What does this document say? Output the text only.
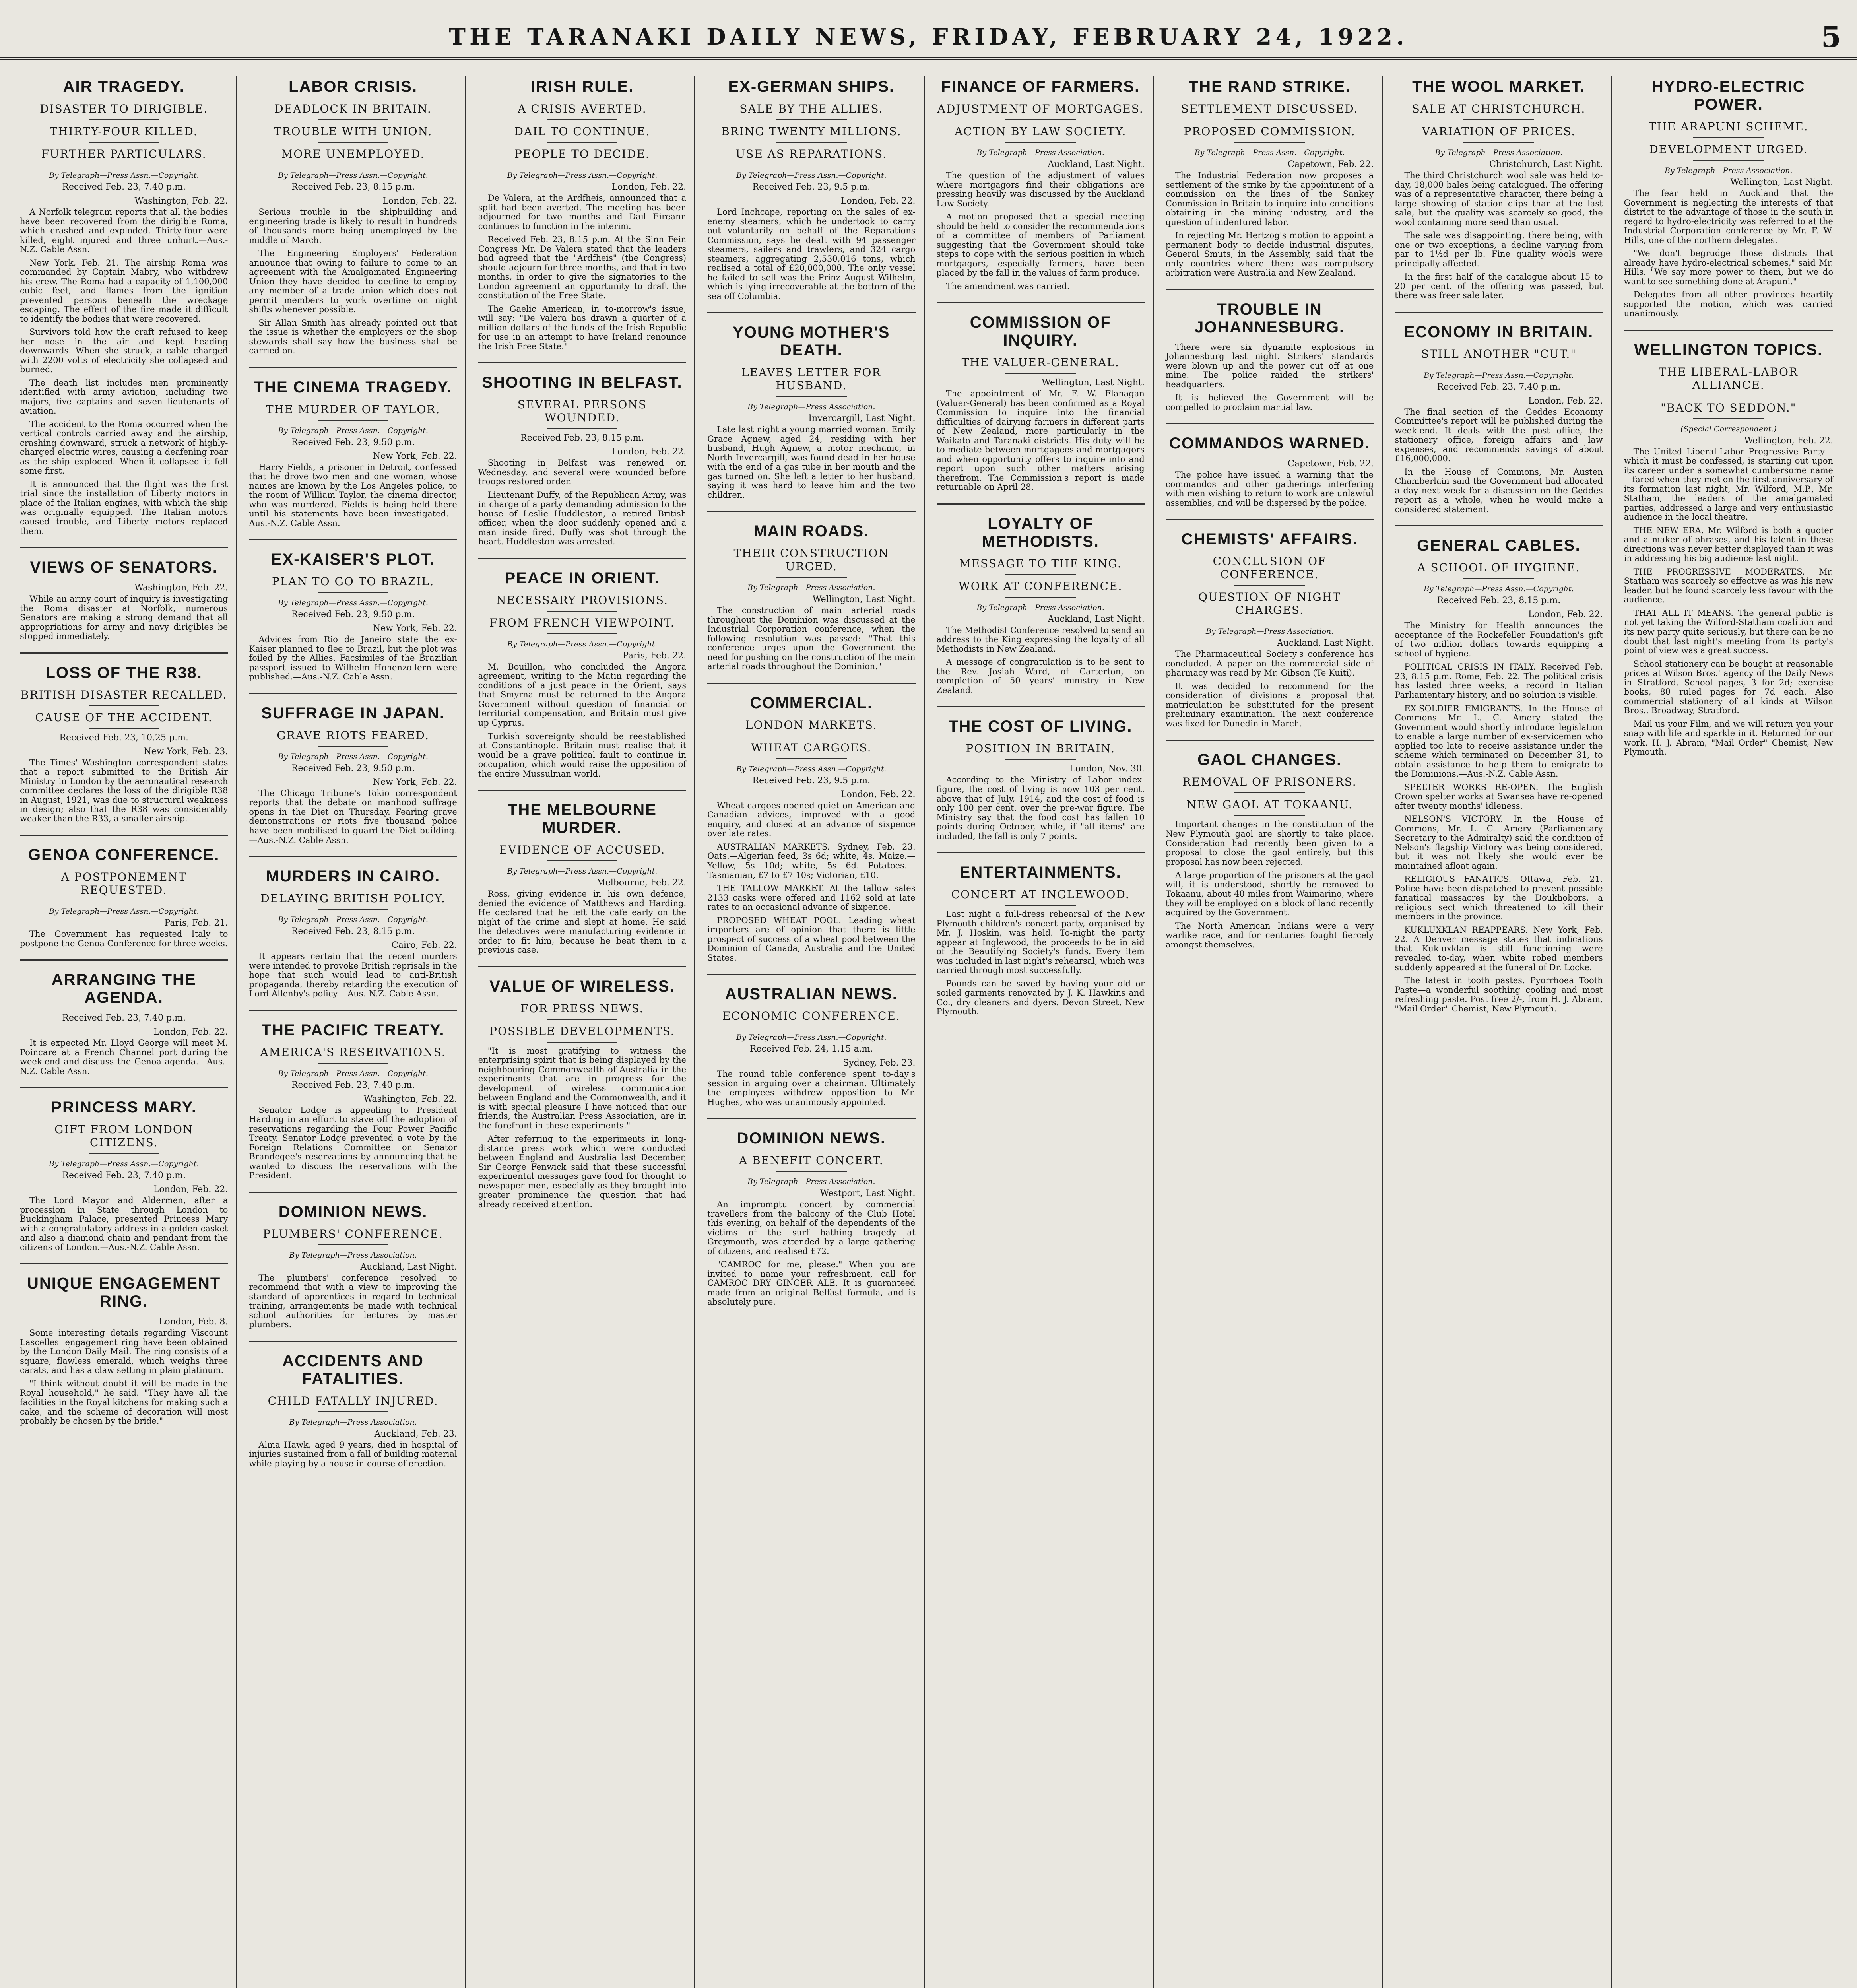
THE TARANAKI DAILY NEWS, FRIDAY, FEBRUARY 24, 1922.	5
AIR TRAGEDY.
DISASTER TO DIRIGIBLE.
THIRTY-FOUR KILLED.
FURTHER PARTICULARS.
By Telegraph—Press Assn.—Copyright.
Received Feb. 23, 7.40 p.m.
Washington, Feb. 22.

A Norfolk telegram reports that all the bodies have been recovered from the dirigible Roma, which crashed and exploded. Thirty-four were killed, eight injured and three unhurt.—Aus.-N.Z. Cable Assn.

New York, Feb. 21. The airship Roma was commanded by Captain Mabry, who withdrew his crew. The Roma had a capacity of 1,100,000 cubic feet, and flames from the ignition prevented persons beneath the wreckage escaping. The effect of the fire made it difficult to identify the bodies that were recovered.

Survivors told how the craft refused to keep her nose in the air and kept heading downwards. When she struck, a cable charged with 2200 volts of electricity she collapsed and burned.

The death list includes men prominently identified with army aviation, including two majors, five captains and seven lieutenants of aviation.

The accident to the Roma occurred when the vertical controls carried away and the airship, crashing downward, struck a network of highly-charged electric wires, causing a deafening roar as the ship exploded. When it collapsed it fell some first.

It is announced that the flight was the first trial since the installation of Liberty motors in place of the Italian engines, with which the ship was originally equipped. The Italian motors caused trouble, and Liberty motors replaced them.

VIEWS OF SENATORS.
Washington, Feb. 22.

While an army court of inquiry is investigating the Roma disaster at Norfolk, numerous Senators are making a strong demand that all appropriations for army and navy dirigibles be stopped immediately.

LOSS OF THE R38.
BRITISH DISASTER RECALLED.
CAUSE OF THE ACCIDENT.
Received Feb. 23, 10.25 p.m.
New York, Feb. 23.

The Times' Washington correspondent states that a report submitted to the British Air Ministry in London by the aeronautical research committee declares the loss of the dirigible R38 in August, 1921, was due to structural weakness in design; also that the R38 was considerably weaker than the R33, a smaller airship.

GENOA CONFERENCE.
A POSTPONEMENT REQUESTED.
By Telegraph—Press Assn.—Copyright.
Paris, Feb. 21.

The Government has requested Italy to postpone the Genoa Conference for three weeks.

ARRANGING THE AGENDA.
Received Feb. 23, 7.40 p.m.
London, Feb. 22.

It is expected Mr. Lloyd George will meet M. Poincare at a French Channel port during the week-end and discuss the Genoa agenda.—Aus.-N.Z. Cable Assn.

PRINCESS MARY.
GIFT FROM LONDON CITIZENS.
By Telegraph—Press Assn.—Copyright.
Received Feb. 23, 7.40 p.m.
London, Feb. 22.

The Lord Mayor and Aldermen, after a procession in State through London to Buckingham Palace, presented Princess Mary with a congratulatory address in a golden casket and also a diamond chain and pendant from the citizens of London.—Aus.-N.Z. Cable Assn.

UNIQUE ENGAGEMENT RING.
London, Feb. 8.

Some interesting details regarding Viscount Lascelles' engagement ring have been obtained by the London Daily Mail. The ring consists of a square, flawless emerald, which weighs three carats, and has a claw setting in plain platinum.

"I think without doubt it will be made in the Royal household," he said. "They have all the facilities in the Royal kitchens for making such a cake, and the scheme of decoration will most probably be chosen by the bride."

LABOR CRISIS.
DEADLOCK IN BRITAIN.
TROUBLE WITH UNION.
MORE UNEMPLOYED.
By Telegraph—Press Assn.—Copyright.
Received Feb. 23, 8.15 p.m.
London, Feb. 22.

Serious trouble in the shipbuilding and engineering trade is likely to result in hundreds of thousands more being unemployed by the middle of March.

The Engineering Employers' Federation announce that owing to failure to come to an agreement with the Amalgamated Engineering Union they have decided to decline to employ any member of a trade union which does not permit members to work overtime on night shifts whenever possible.

Sir Allan Smith has already pointed out that the issue is whether the employers or the shop stewards shall say how the business shall be carried on.

THE CINEMA TRAGEDY.
THE MURDER OF TAYLOR.
By Telegraph—Press Assn.—Copyright.
Received Feb. 23, 9.50 p.m.
New York, Feb. 22.

Harry Fields, a prisoner in Detroit, confessed that he drove two men and one woman, whose names are known by the Los Angeles police, to the room of William Taylor, the cinema director, who was murdered. Fields is being held there until his statements have been investigated.—Aus.-N.Z. Cable Assn.

EX-KAISER'S PLOT.
PLAN TO GO TO BRAZIL.
By Telegraph—Press Assn.—Copyright.
Received Feb. 23, 9.50 p.m.
New York, Feb. 22.

Advices from Rio de Janeiro state the ex-Kaiser planned to flee to Brazil, but the plot was foiled by the Allies. Facsimiles of the Brazilian passport issued to Wilhelm Hohenzollern were published.—Aus.-N.Z. Cable Assn.

SUFFRAGE IN JAPAN.
GRAVE RIOTS FEARED.
By Telegraph—Press Assn.—Copyright.
Received Feb. 23, 9.50 p.m.
New York, Feb. 22.

The Chicago Tribune's Tokio correspondent reports that the debate on manhood suffrage opens in the Diet on Thursday. Fearing grave demonstrations or riots five thousand police have been mobilised to guard the Diet building.—Aus.-N.Z. Cable Assn.

MURDERS IN CAIRO.
DELAYING BRITISH POLICY.
By Telegraph—Press Assn.—Copyright.
Received Feb. 23, 8.15 p.m.
Cairo, Feb. 22.

It appears certain that the recent murders were intended to provoke British reprisals in the hope that such would lead to anti-British propaganda, thereby retarding the execution of Lord Allenby's policy.—Aus.-N.Z. Cable Assn.

THE PACIFIC TREATY.
AMERICA'S RESERVATIONS.
By Telegraph—Press Assn.—Copyright.
Received Feb. 23, 7.40 p.m.
Washington, Feb. 22.

Senator Lodge is appealing to President Harding in an effort to stave off the adoption of reservations regarding the Four Power Pacific Treaty. Senator Lodge prevented a vote by the Foreign Relations Committee on Senator Brandegee's reservations by announcing that he wanted to discuss the reservations with the President.

DOMINION NEWS.
PLUMBERS' CONFERENCE.
By Telegraph—Press Association.
Auckland, Last Night.

The plumbers' conference resolved to recommend that with a view to improving the standard of apprentices in regard to technical training, arrangements be made with technical school authorities for lectures by master plumbers.

ACCIDENTS AND FATALITIES.
CHILD FATALLY INJURED.
By Telegraph—Press Association.
Auckland, Feb. 23.

Alma Hawk, aged 9 years, died in hospital of injuries sustained from a fall of building material while playing by a house in course of erection.

IRISH RULE.
A CRISIS AVERTED.
DAIL TO CONTINUE.
PEOPLE TO DECIDE.
By Telegraph—Press Assn.—Copyright.
London, Feb. 22.

De Valera, at the Ardfheis, announced that a split had been averted. The meeting has been adjourned for two months and Dail Eireann continues to function in the interim.

Received Feb. 23, 8.15 p.m. At the Sinn Fein Congress Mr. De Valera stated that the leaders had agreed that the "Ardfheis" (the Congress) should adjourn for three months, and that in two months, in order to give the signatories to the London agreement an opportunity to draft the constitution of the Free State.

The Gaelic American, in to-morrow's issue, will say: "De Valera has drawn a quarter of a million dollars of the funds of the Irish Republic for use in an attempt to have Ireland renounce the Irish Free State."

SHOOTING IN BELFAST.
SEVERAL PERSONS WOUNDED.
Received Feb. 23, 8.15 p.m.
London, Feb. 22.

Shooting in Belfast was renewed on Wednesday, and several were wounded before troops restored order.

Lieutenant Duffy, of the Republican Army, was in charge of a party demanding admission to the house of Leslie Huddleston, a retired British officer, when the door suddenly opened and a man inside fired. Duffy was shot through the heart. Huddleston was arrested.

PEACE IN ORIENT.
NECESSARY PROVISIONS.
FROM FRENCH VIEWPOINT.
By Telegraph—Press Assn.—Copyright.
Paris, Feb. 22.

M. Bouillon, who concluded the Angora agreement, writing to the Matin regarding the conditions of a just peace in the Orient, says that Smyrna must be returned to the Angora Government without question of financial or territorial compensation, and Britain must give up Cyprus.

Turkish sovereignty should be reestablished at Constantinople. Britain must realise that it would be a grave political fault to continue in occupation, which would raise the opposition of the entire Mussulman world.

THE MELBOURNE MURDER.
EVIDENCE OF ACCUSED.
By Telegraph—Press Assn.—Copyright.
Melbourne, Feb. 22.

Ross, giving evidence in his own defence, denied the evidence of Matthews and Harding. He declared that he left the cafe early on the night of the crime and slept at home. He said the detectives were manufacturing evidence in order to fit him, because he beat them in a previous case.

VALUE OF WIRELESS.
FOR PRESS NEWS.
POSSIBLE DEVELOPMENTS.

"It is most gratifying to witness the enterprising spirit that is being displayed by the neighbouring Commonwealth of Australia in the experiments that are in progress for the development of wireless communication between England and the Commonwealth, and it is with special pleasure I have noticed that our friends, the Australian Press Association, are in the forefront in these experiments."

After referring to the experiments in long-distance press work which were conducted between England and Australia last December, Sir George Fenwick said that these successful experimental messages gave food for thought to newspaper men, especially as they brought into greater prominence the question that had already received attention.

EX-GERMAN SHIPS.
SALE BY THE ALLIES.
BRING TWENTY MILLIONS.
USE AS REPARATIONS.
By Telegraph—Press Assn.—Copyright.
Received Feb. 23, 9.5 p.m.
London, Feb. 22.

Lord Inchcape, reporting on the sales of ex-enemy steamers, which he undertook to carry out voluntarily on behalf of the Reparations Commission, says he dealt with 94 passenger steamers, sailers and trawlers, and 324 cargo steamers, aggregating 2,530,016 tons, which realised a total of £20,000,000. The only vessel he failed to sell was the Prinz August Wilhelm, which is lying irrecoverable at the bottom of the sea off Columbia.

YOUNG MOTHER'S DEATH.
LEAVES LETTER FOR HUSBAND.
By Telegraph—Press Association.
Invercargill, Last Night.

Late last night a young married woman, Emily Grace Agnew, aged 24, residing with her husband, Hugh Agnew, a motor mechanic, in North Invercargill, was found dead in her house with the end of a gas tube in her mouth and the gas turned on. She left a letter to her husband, saying it was hard to leave him and the two children.

MAIN ROADS.
THEIR CONSTRUCTION URGED.
By Telegraph—Press Association.
Wellington, Last Night.

The construction of main arterial roads throughout the Dominion was discussed at the Industrial Corporation conference, when the following resolution was passed: "That this conference urges upon the Government the need for pushing on the construction of the main arterial roads throughout the Dominion."

COMMERCIAL.
LONDON MARKETS.
WHEAT CARGOES.
By Telegraph—Press Assn.—Copyright.
Received Feb. 23, 9.5 p.m.
London, Feb. 22.

Wheat cargoes opened quiet on American and Canadian advices, improved with a good enquiry, and closed at an advance of sixpence over late rates.

AUSTRALIAN MARKETS. Sydney, Feb. 23. Oats.—Algerian feed, 3s 6d; white, 4s. Maize.—Yellow, 5s 10d; white, 5s 6d. Potatoes.—Tasmanian, £7 to £7 10s; Victorian, £10.

THE TALLOW MARKET. At the tallow sales 2133 casks were offered and 1162 sold at late rates to an occasional advance of sixpence.

PROPOSED WHEAT POOL. Leading wheat importers are of opinion that there is little prospect of success of a wheat pool between the Dominion of Canada, Australia and the United States.

AUSTRALIAN NEWS.
ECONOMIC CONFERENCE.
By Telegraph—Press Assn.—Copyright.
Received Feb. 24, 1.15 a.m.
Sydney, Feb. 23.

The round table conference spent to-day's session in arguing over a chairman. Ultimately the employees withdrew opposition to Mr. Hughes, who was unanimously appointed.

DOMINION NEWS.
A BENEFIT CONCERT.
By Telegraph—Press Association.
Westport, Last Night.

An impromptu concert by commercial travellers from the balcony of the Club Hotel this evening, on behalf of the dependents of the victims of the surf bathing tragedy at Greymouth, was attended by a large gathering of citizens, and realised £72.

"CAMROC for me, please." When you are invited to name your refreshment, call for CAMROC DRY GINGER ALE. It is guaranteed made from an original Belfast formula, and is absolutely pure.

FINANCE OF FARMERS.
ADJUSTMENT OF MORTGAGES.
ACTION BY LAW SOCIETY.
By Telegraph—Press Association.
Auckland, Last Night.

The question of the adjustment of values where mortgagors find their obligations are pressing heavily was discussed by the Auckland Law Society.

A motion proposed that a special meeting should be held to consider the recommendations of a committee of members of Parliament suggesting that the Government should take steps to cope with the serious position in which mortgagors, especially farmers, have been placed by the fall in the values of farm produce.

The amendment was carried.

COMMISSION OF INQUIRY.
THE VALUER-GENERAL.
Wellington, Last Night.

The appointment of Mr. F. W. Flanagan (Valuer-General) has been confirmed as a Royal Commission to inquire into the financial difficulties of dairying farmers in different parts of New Zealand, more particularly in the Waikato and Taranaki districts. His duty will be to mediate between mortgagees and mortgagors and when opportunity offers to inquire into and report upon such other matters arising therefrom. The Commission's report is made returnable on April 28.

LOYALTY OF METHODISTS.
MESSAGE TO THE KING.
WORK AT CONFERENCE.
By Telegraph—Press Association.
Auckland, Last Night.

The Methodist Conference resolved to send an address to the King expressing the loyalty of all Methodists in New Zealand.

A message of congratulation is to be sent to the Rev. Josiah Ward, of Carterton, on completion of 50 years' ministry in New Zealand.

THE COST OF LIVING.
POSITION IN BRITAIN.
London, Nov. 30.

According to the Ministry of Labor index-figure, the cost of living is now 103 per cent. above that of July, 1914, and the cost of food is only 100 per cent. over the pre-war figure. The Ministry say that the food cost has fallen 10 points during October, while, if "all items" are included, the fall is only 7 points.

ENTERTAINMENTS.
CONCERT AT INGLEWOOD.

Last night a full-dress rehearsal of the New Plymouth children's concert party, organised by Mr. J. Hoskin, was held. To-night the party appear at Inglewood, the proceeds to be in aid of the Beautifying Society's funds. Every item was included in last night's rehearsal, which was carried through most successfully.

Pounds can be saved by having your old or soiled garments renovated by J. K. Hawkins and Co., dry cleaners and dyers. Devon Street, New Plymouth.

THE RAND STRIKE.
SETTLEMENT DISCUSSED.
PROPOSED COMMISSION.
By Telegraph—Press Assn.—Copyright.
Capetown, Feb. 22.

The Industrial Federation now proposes a settlement of the strike by the appointment of a commission on the lines of the Sankey Commission in Britain to inquire into conditions obtaining in the mining industry, and the question of indentured labor.

In rejecting Mr. Hertzog's motion to appoint a permanent body to decide industrial disputes, General Smuts, in the Assembly, said that the only countries where there was compulsory arbitration were Australia and New Zealand.

TROUBLE IN JOHANNESBURG.

There were six dynamite explosions in Johannesburg last night. Strikers' standards were blown up and the power cut off at one mine. The police raided the strikers' headquarters.

It is believed the Government will be compelled to proclaim martial law.

COMMANDOS WARNED.
Capetown, Feb. 22.

The police have issued a warning that the commandos and other gatherings interfering with men wishing to return to work are unlawful assemblies, and will be dispersed by the police.

CHEMISTS' AFFAIRS.
CONCLUSION OF CONFERENCE.
QUESTION OF NIGHT CHARGES.
By Telegraph—Press Association.
Auckland, Last Night.

The Pharmaceutical Society's conference has concluded. A paper on the commercial side of pharmacy was read by Mr. Gibson (Te Kuiti).

It was decided to recommend for the consideration of divisions a proposal that matriculation be substituted for the present preliminary examination. The next conference was fixed for Dunedin in March.

GAOL CHANGES.
REMOVAL OF PRISONERS.
NEW GAOL AT TOKAANU.

Important changes in the constitution of the New Plymouth gaol are shortly to take place. Consideration had recently been given to a proposal to close the gaol entirely, but this proposal has now been rejected.

A large proportion of the prisoners at the gaol will, it is understood, shortly be removed to Tokaanu, about 40 miles from Waimarino, where they will be employed on a block of land recently acquired by the Government.

The North American Indians were a very warlike race, and for centuries fought fiercely amongst themselves.

THE WOOL MARKET.
SALE AT CHRISTCHURCH.
VARIATION OF PRICES.
By Telegraph—Press Association.
Christchurch, Last Night.

The third Christchurch wool sale was held to-day, 18,000 bales being catalogued. The offering was of a representative character, there being a large showing of station clips than at the last sale, but the quality was scarcely so good, the wool containing more seed than usual.

The sale was disappointing, there being, with one or two exceptions, a decline varying from par to 1½d per lb. Fine quality wools were principally affected.

In the first half of the catalogue about 15 to 20 per cent. of the offering was passed, but there was freer sale later.

ECONOMY IN BRITAIN.
STILL ANOTHER "CUT."
By Telegraph—Press Assn.—Copyright.
Received Feb. 23, 7.40 p.m.
London, Feb. 22.

The final section of the Geddes Economy Committee's report will be published during the week-end. It deals with the post office, the stationery office, foreign affairs and law expenses, and recommends savings of about £16,000,000.

In the House of Commons, Mr. Austen Chamberlain said the Government had allocated a day next week for a discussion on the Geddes report as a whole, when he would make a considered statement.

GENERAL CABLES.
A SCHOOL OF HYGIENE.
By Telegraph—Press Assn.—Copyright.
Received Feb. 23, 8.15 p.m.
London, Feb. 22.

The Ministry for Health announces the acceptance of the Rockefeller Foundation's gift of two million dollars towards equipping a school of hygiene.

POLITICAL CRISIS IN ITALY. Received Feb. 23, 8.15 p.m. Rome, Feb. 22. The political crisis has lasted three weeks, a record in Italian Parliamentary history, and no solution is visible.

EX-SOLDIER EMIGRANTS. In the House of Commons Mr. L. C. Amery stated the Government would shortly introduce legislation to enable a large number of ex-servicemen who applied too late to receive assistance under the scheme which terminated on December 31, to obtain assistance to help them to emigrate to the Dominions.—Aus.-N.Z. Cable Assn.

SPELTER WORKS RE-OPEN. The English Crown spelter works at Swansea have re-opened after twenty months' idleness.

NELSON'S VICTORY. In the House of Commons, Mr. L. C. Amery (Parliamentary Secretary to the Admiralty) said the condition of Nelson's flagship Victory was being considered, but it was not likely she would ever be maintained afloat again.

RELIGIOUS FANATICS. Ottawa, Feb. 21. Police have been dispatched to prevent possible fanatical massacres by the Doukhobors, a religious sect which threatened to kill their members in the province.

KUKLUXKLAN REAPPEARS. New York, Feb. 22. A Denver message states that indications that Kukluxklan is still functioning were revealed to-day, when white robed members suddenly appeared at the funeral of Dr. Locke.

The latest in tooth pastes. Pyorrhoea Tooth Paste—a wonderful soothing cooling and most refreshing paste. Post free 2/-, from H. J. Abram, "Mail Order" Chemist, New Plymouth.

HYDRO-ELECTRIC POWER.
THE ARAPUNI SCHEME.
DEVELOPMENT URGED.
By Telegraph—Press Association.
Wellington, Last Night.

The fear held in Auckland that the Government is neglecting the interests of that district to the advantage of those in the south in regard to hydro-electricity was referred to at the Industrial Corporation conference by Mr. F. W. Hills, one of the northern delegates.

"We don't begrudge those districts that already have hydro-electrical schemes," said Mr. Hills. "We say more power to them, but we do want to see something done at Arapuni."

Delegates from all other provinces heartily supported the motion, which was carried unanimously.

WELLINGTON TOPICS.
THE LIBERAL-LABOR ALLIANCE.
"BACK TO SEDDON."
(Special Correspondent.)
Wellington, Feb. 22.

The United Liberal-Labor Progressive Party—which it must be confessed, is starting out upon its career under a somewhat cumbersome name—fared when they met on the first anniversary of its formation last night, Mr. Wilford, M.P., Mr. Statham, the leaders of the amalgamated parties, addressed a large and very enthusiastic audience in the local theatre.

THE NEW ERA. Mr. Wilford is both a quoter and a maker of phrases, and his talent in these directions was never better displayed than it was in addressing his big audience last night.

THE PROGRESSIVE MODERATES. Mr. Statham was scarcely so effective as was his new leader, but he found scarcely less favour with the audience.

THAT ALL IT MEANS. The general public is not yet taking the Wilford-Statham coalition and its new party quite seriously, but there can be no doubt that last night's meeting from its party's point of view was a great success.

School stationery can be bought at reasonable prices at Wilson Bros.' agency of the Daily News in Stratford. School pages, 3 for 2d; exercise books, 80 ruled pages for 7d each. Also commercial stationery of all kinds at Wilson Bros., Broadway, Stratford.

Mail us your Film, and we will return you your snap with life and sparkle in it. Returned for our work. H. J. Abram, "Mail Order" Chemist, New Plymouth.
